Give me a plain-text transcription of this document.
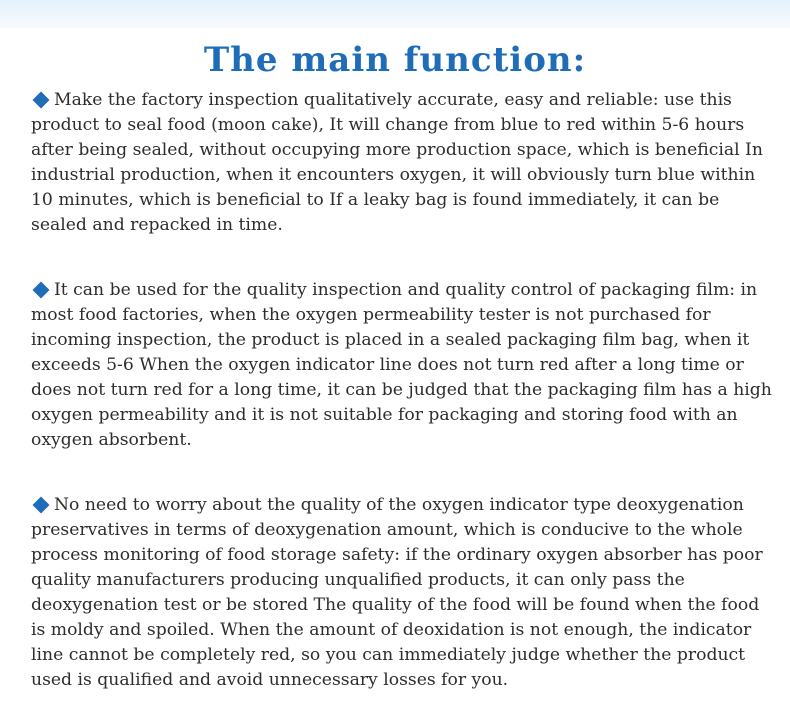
The main function:

Make the factory inspection qualitatively accurate, easy and reliable: use this product to seal food (moon cake), It will change from blue to red within 5-6 hours after being sealed, without occupying more production space, which is beneficial In industrial production, when it encounters oxygen, it will obviously turn blue within 10 minutes, which is beneficial to If a leaky bag is found immediately, it can be sealed and repacked in time.

It can be used for the quality inspection and quality control of packaging film: in most food factories, when the oxygen permeability tester is not purchased for incoming inspection, the product is placed in a sealed packaging film bag, when it exceeds 5-6 When the oxygen indicator line does not turn red after a long time or does not turn red for a long time, it can be judged that the packaging film has a high oxygen permeability and it is not suitable for packaging and storing food with an oxygen absorbent.

No need to worry about the quality of the oxygen indicator type deoxygenation preservatives in terms of deoxygenation amount, which is conducive to the whole process monitoring of food storage safety: if the ordinary oxygen absorber has poor quality manufacturers producing unqualified products, it can only pass the deoxygenation test or be stored The quality of the food will be found when the food is moldy and spoiled. When the amount of deoxidation is not enough, the indicator line cannot be completely red, so you can immediately judge whether the product used is qualified and avoid unnecessary losses for you.
